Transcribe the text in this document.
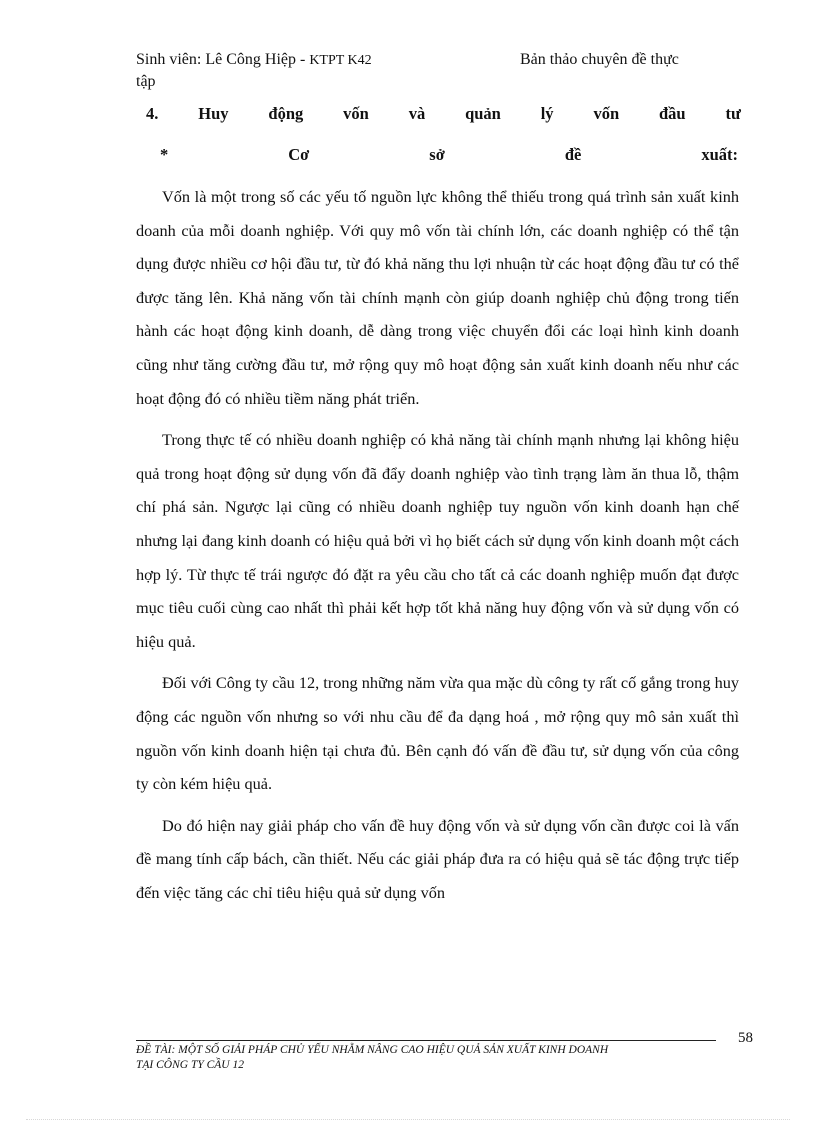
Sinh viên: Lê Công Hiệp - KTPT K42	Bản thảo chuyên đề thực
tập
4. Huy động vốn và quản lý vốn đầu tư
*	Cơ	sở	đề	xuất:

Vốn là một trong số các yếu tố nguồn lực không thể thiếu trong quá trình sản xuất kinh doanh của mỗi doanh nghiệp. Với quy mô vốn tài chính lớn, các doanh nghiệp có thể tận dụng được nhiều cơ hội đầu tư, từ đó khả năng thu lợi nhuận từ các hoạt động đầu tư có thể được tăng lên. Khả năng vốn tài chính mạnh còn giúp doanh nghiệp chủ động trong tiến hành các hoạt động kinh doanh, dễ dàng trong việc chuyển đổi các loại hình kinh doanh cũng như tăng cường đầu tư, mở rộng quy mô hoạt động sản xuất kinh doanh nếu như các hoạt động đó có nhiều tiềm năng phát triển.

Trong thực tế có nhiều doanh nghiệp có khả năng tài chính mạnh nhưng lại không hiệu quả trong hoạt động sử dụng vốn đã đẩy doanh nghiệp vào tình trạng làm ăn thua lỗ, thậm chí phá sản. Ngược lại cũng có nhiều doanh nghiệp tuy nguồn vốn kinh doanh hạn chế nhưng lại đang kinh doanh có hiệu quả bởi vì họ biết cách sử dụng vốn kinh doanh một cách hợp lý. Từ thực tế trái ngược đó đặt ra yêu cầu cho tất cả các doanh nghiệp muốn đạt được mục tiêu cuối cùng cao nhất thì phải kết hợp tốt khả năng huy động vốn và sử dụng vốn có hiệu quả.

Đối với Công ty cầu 12, trong những năm vừa qua mặc dù công ty rất cố gắng trong huy động các nguồn vốn nhưng so với nhu cầu để đa dạng hoá , mở rộng quy mô sản xuất thì nguồn vốn kinh doanh hiện tại chưa đủ. Bên cạnh đó vấn đề đầu tư, sử dụng vốn của công ty còn kém hiệu quả.

Do đó hiện nay giải pháp cho vấn đề huy động vốn và sử dụng vốn cần được coi là vấn đề mang tính cấp bách, cần thiết. Nếu các giải pháp đưa ra có hiệu quả sẽ tác động trực tiếp đến việc tăng các chỉ tiêu hiệu quả sử dụng vốn

58
ĐỀ TÀI: MỘT SỐ GIẢI PHÁP CHỦ YẾU NHẰM NÂNG CAO HIỆU QUẢ SẢN XUẤT KINH DOANH
TẠI CÔNG TY CẦU 12
